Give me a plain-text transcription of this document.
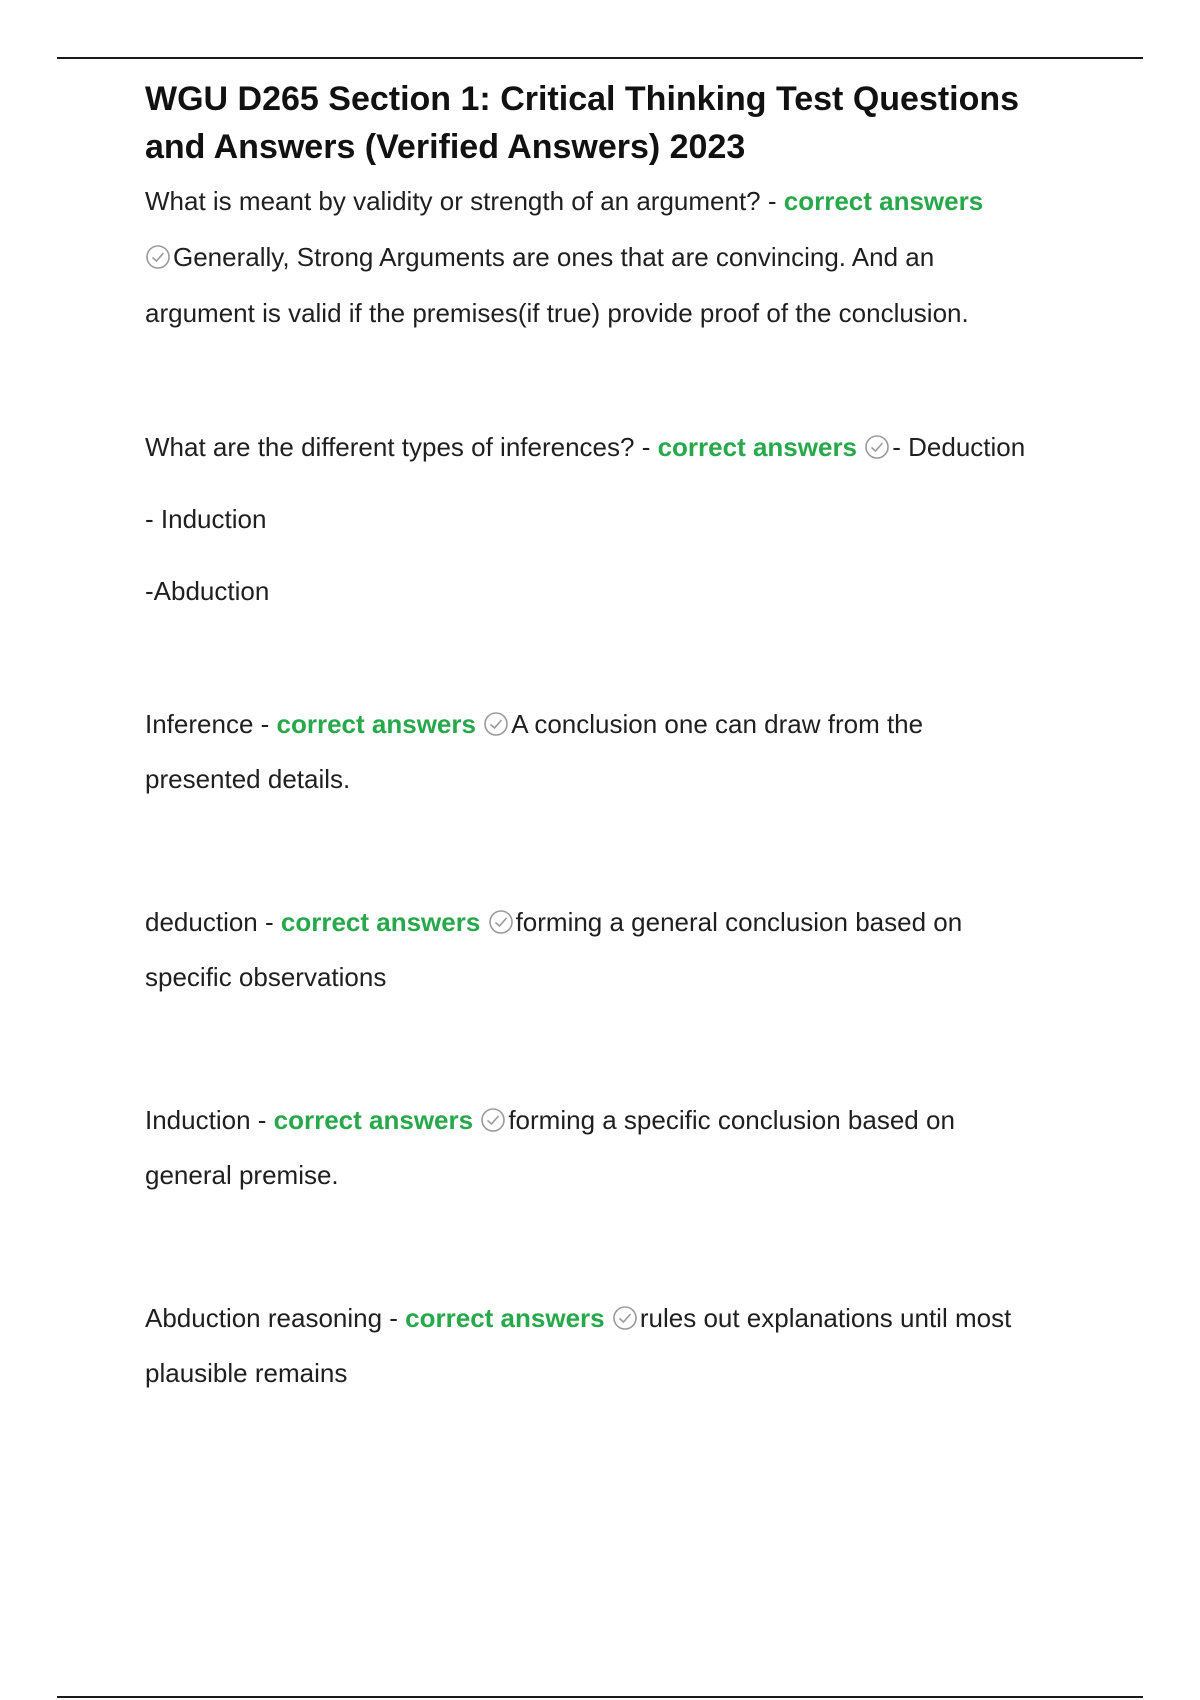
WGU D265 Section 1: Critical Thinking Test Questions
and Answers (Verified Answers) 2023
What is meant by validity or strength of an argument? - correct answers
Generally, Strong Arguments are ones that are convincing. And an
argument is valid if the premises(if true) provide proof of the conclusion.
What are the different types of inferences? - correct answers - Deduction
- Induction
-Abduction
Inference - correct answers A conclusion one can draw from the
presented details.
deduction - correct answers forming a general conclusion based on
specific observations
Induction - correct answers forming a specific conclusion based on
general premise.
Abduction reasoning - correct answers rules out explanations until most
plausible remains
